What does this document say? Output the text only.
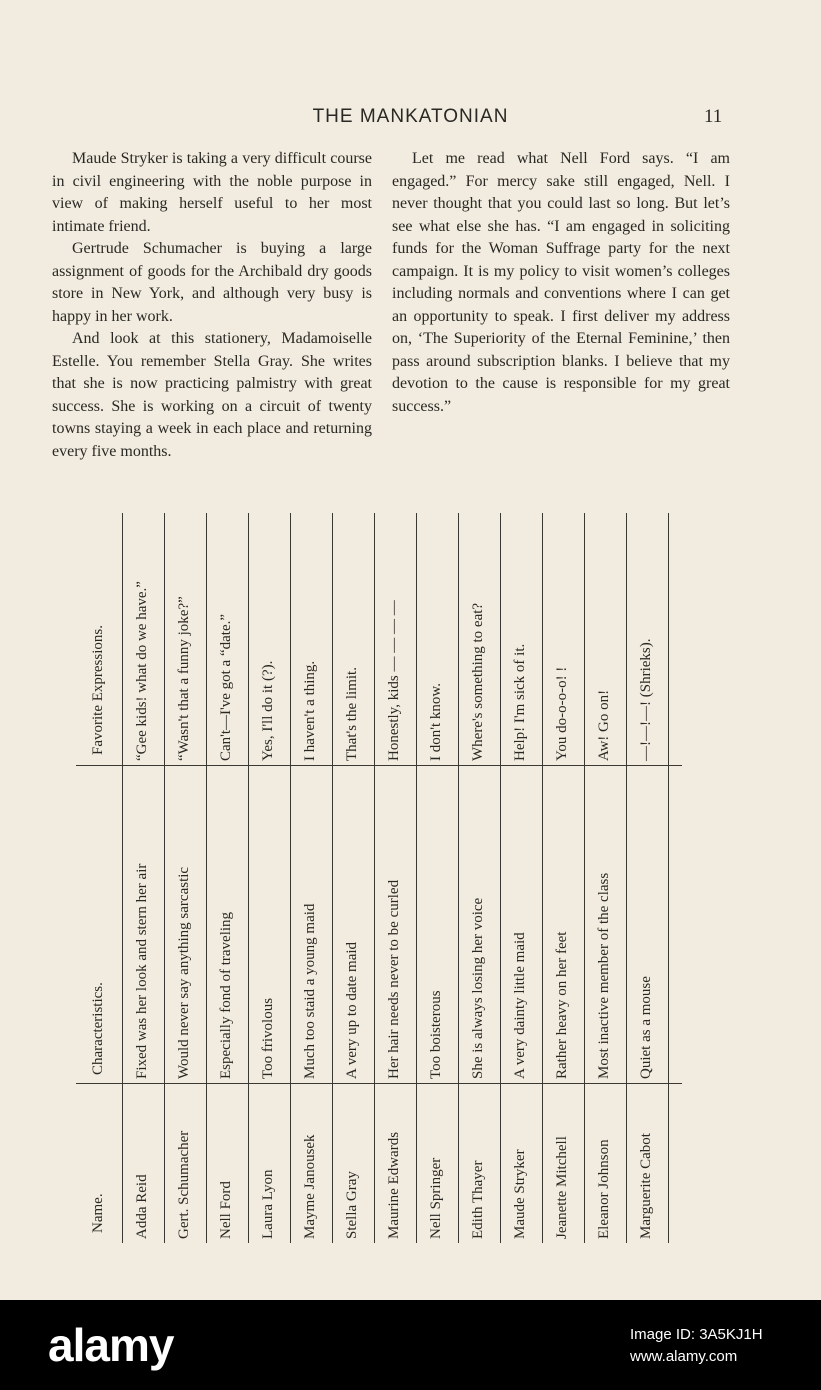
THE MANKATONIAN	11

Maude Stryker is taking a very difficult course in civil engineering with the noble purpose in view of making herself useful to her most intimate friend.

Gertrude Schumacher is buying a large assignment of goods for the Archibald dry goods store in New York, and although very busy is happy in her work.

And look at this stationery, Madamoiselle Estelle. You remember Stella Gray. She writes that she is now practicing palmistry with great success. She is working on a circuit of twenty towns staying a week in each place and returning every five months.

Let me read what Nell Ford says. “I am engaged.” For mercy sake still engaged, Nell. I never thought that you could last so long. But let’s see what else she has. “I am engaged in soliciting funds for the Woman Suffrage party for the next campaign. It is my policy to visit women’s colleges including normals and conventions where I can get an opportunity to speak. I first deliver my address on, ‘The Superiority of the Eternal Feminine,’ then pass around subscription blanks. I believe that my devotion to the cause is responsible for my great success.”

Favorite Expressions.
Characteristics.
Name.
“Gee kids! what do we have.”
Fixed was her look and stern her air
Adda Reid
“Wasn't that a funny joke?”
Would never say anything sarcastic
Gert. Schumacher
Can't—I've got a “date.”
Especially fond of traveling
Nell Ford
Yes, I'll do it (?).
Too frivolous
Laura Lyon
I haven't a thing.
Much too staid a young maid
Mayme Janousek
That's the limit.
A very up to date maid
Stella Gray
Honestly, kids — — — —
Her hair needs never to be curled
Maurine Edwards
I don't know.
Too boisterous
Nell Springer
Where's something to eat?
She is always losing her voice
Edith Thayer
Help! I'm sick of it.
A very dainty little maid
Maude Stryker
You do-o-o-o! !
Rather heavy on her feet
Jeanette Mitchell
Aw! Go on!
Most inactive member of the class
Eleanor Johnson
—!—!—! (Shrieks).
Quiet as a mouse
Marguerite Cabot
alamy	Image ID: 3A5KJ1H
www.alamy.com
